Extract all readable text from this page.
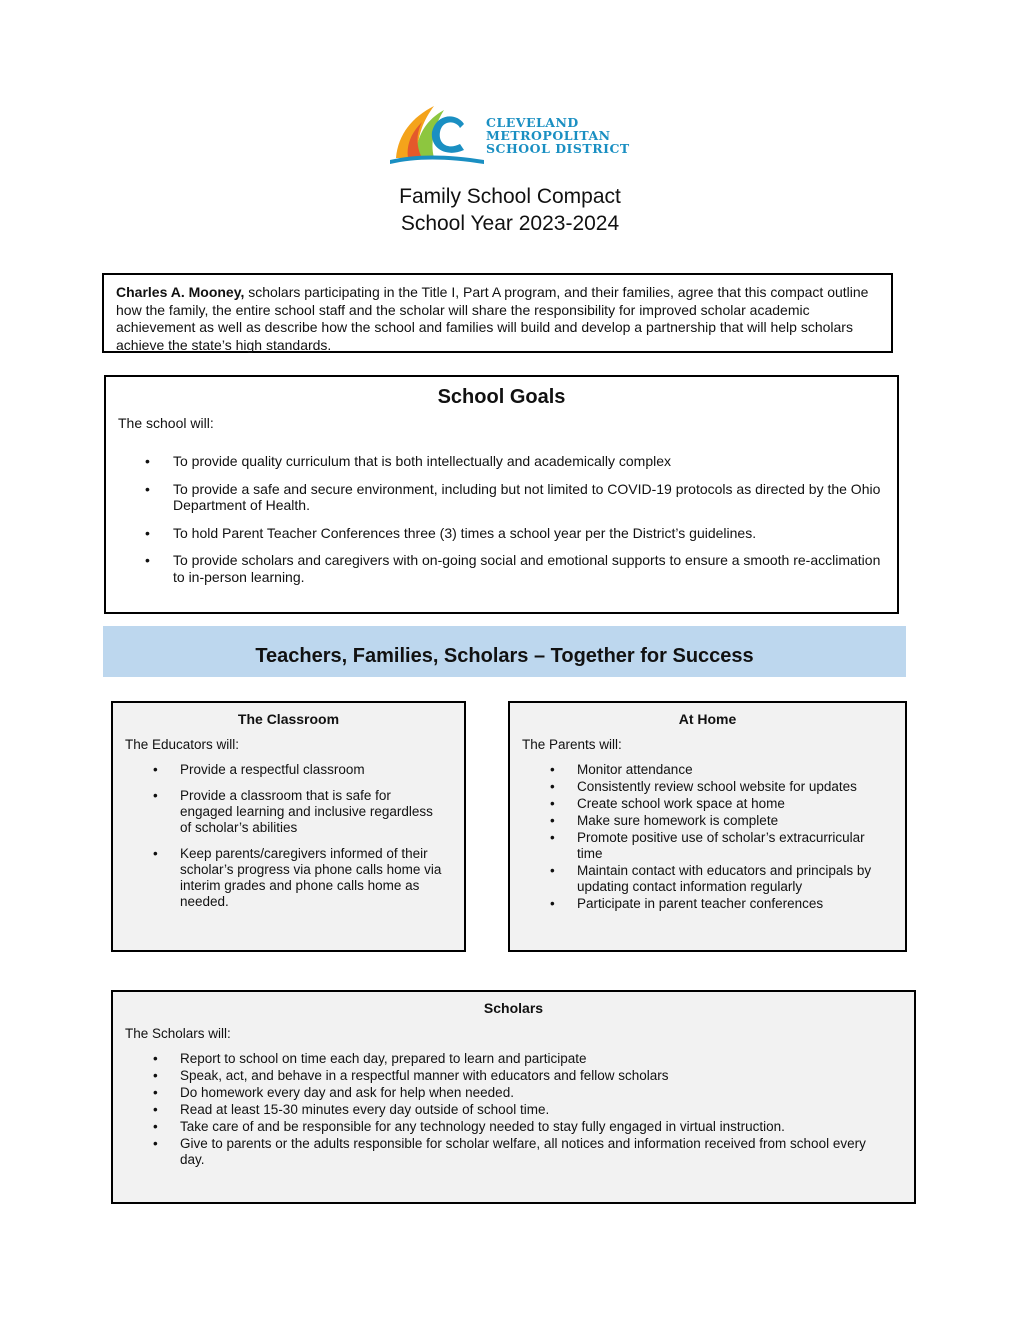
CLEVELAND
METROPOLITAN
SCHOOL DISTRICT
Family School Compact
School Year 2023-2024
Charles A. Mooney, scholars participating in the Title I, Part A program, and their families, agree that this compact outline how the family, the entire school staff and the scholar will share the responsibility for improved scholar academic achievement as well as describe how the school and families will build and develop a partnership that will help scholars achieve the state’s high standards.
School Goals
The school will:
• To provide quality curriculum that is both intellectually and academically complex
• To provide a safe and secure environment, including but not limited to COVID-19 protocols as directed by the Ohio Department of Health.
• To hold Parent Teacher Conferences three (3) times a school year per the District’s guidelines.
• To provide scholars and caregivers with on-going social and emotional supports to ensure a smooth re-acclimation to in-person learning.
Teachers, Families, Scholars – Together for Success
The Classroom
The Educators will:
• Provide a respectful classroom
• Provide a classroom that is safe for engaged learning and inclusive regardless of scholar’s abilities
• Keep parents/caregivers informed of their scholar’s progress via phone calls home via interim grades and phone calls home as needed.
At Home
The Parents will:
• Monitor attendance
• Consistently review school website for updates
• Create school work space at home
• Make sure homework is complete
• Promote positive use of scholar’s extracurricular time
• Maintain contact with educators and principals by updating contact information regularly
• Participate in parent teacher conferences
Scholars
The Scholars will:
• Report to school on time each day, prepared to learn and participate
• Speak, act, and behave in a respectful manner with educators and fellow scholars
• Do homework every day and ask for help when needed.
• Read at least 15-30 minutes every day outside of school time.
• Take care of and be responsible for any technology needed to stay fully engaged in virtual instruction.
• Give to parents or the adults responsible for scholar welfare, all notices and information received from school every day.
